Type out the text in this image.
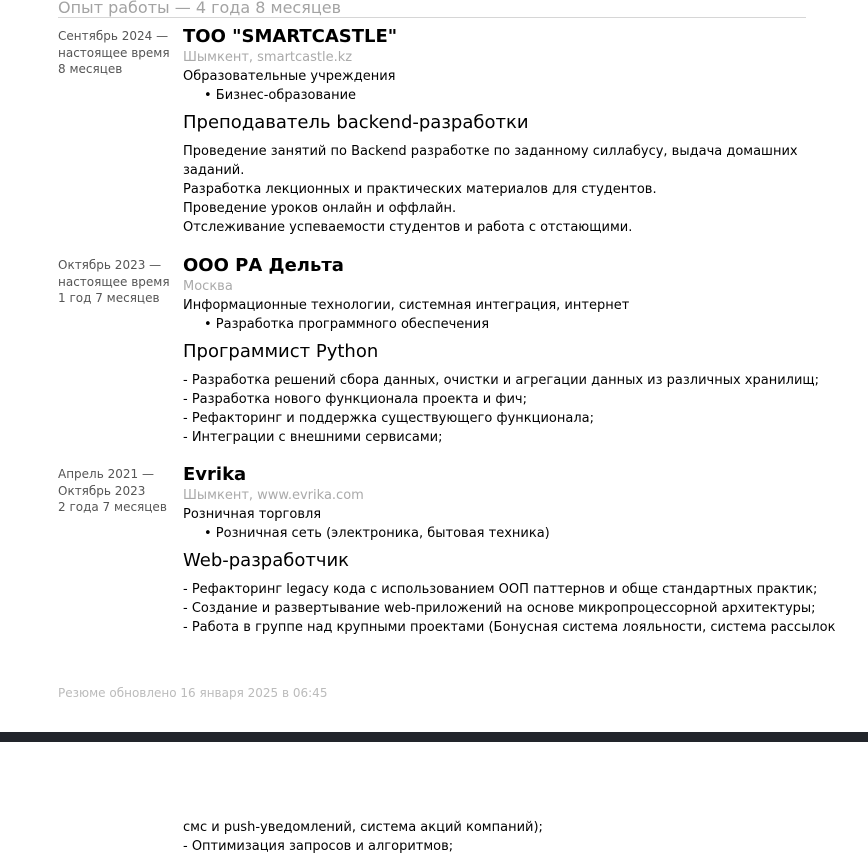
Опыт работы — 4 года 8 месяцев
Сентябрь 2024 —
настоящее время
8 месяцев
ТОО "SMARTCASTLE"
Шымкент, smartcastle.kz
Образовательные учреждения
• Бизнес-образование
Преподаватель backend-разработки
Проведение занятий по Backend разработке по заданному силлабусу, выдача домашних заданий.
Разработка лекционных и практических материалов для студентов.
Проведение уроков онлайн и оффлайн.
Отслеживание успеваемости студентов и работа с отстающими.
Октябрь 2023 —
настоящее время
1 год 7 месяцев
ООО РА Дельта
Москва
Информационные технологии, системная интеграция, интернет
• Разработка программного обеспечения
Программист Python
- Разработка решений сбора данных, очистки и агрегации данных из различных хранилищ;
- Разработка нового функционала проекта и фич;
- Рефакторинг и поддержка существующего функционала;
- Интеграции с внешними сервисами;
Апрель 2021 —
Октябрь 2023
2 года 7 месяцев
Evrika
Шымкент, www.evrika.com
Розничная торговля
• Розничная сеть (электроника, бытовая техника)
Web-разработчик
- Рефакторинг legacy кода с использованием ООП паттернов и обще стандартных практик;
- Создание и развертывание web-приложений на основе микропроцессорной архитектуры;
- Работа в группе над крупными проектами (Бонусная система лояльности, система рассылок
Резюме обновлено 16 января 2025 в 06:45
смс и push-уведомлений, система акций компаний);
- Оптимизация запросов и алгоритмов;
